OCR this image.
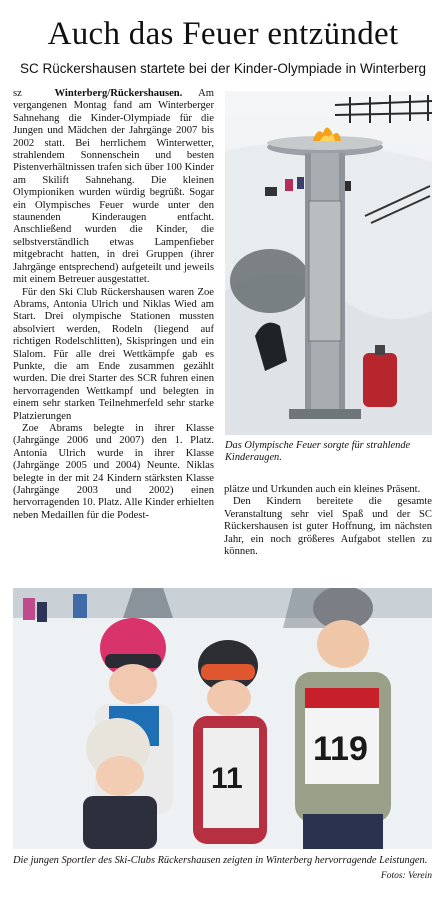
Auch das Feuer entzündet
SC Rückershausen startete bei der Kinder-Olympiade in Winterberg

sz	Winterberg/Rückershausen. Am vergangenen Montag fand am Winterberger Sahnehang die Kinder-Olympiade für die Jungen und Mädchen der Jahrgänge 2007 bis 2002 statt. Bei herrlichem Winterwetter, strahlendem Sonnenschein und besten Pistenverhältnissen trafen sich über 100 Kinder am Skilift Sahnehang. Die kleinen Olympioniken wurden würdig begrüßt. Sogar ein Olympisches Feuer wurde unter den staunenden Kinderaugen entfacht. Anschließend wurden die Kinder, die selbstverständlich etwas Lampenfieber mitgebracht hatten, in drei Gruppen (ihrer Jahrgänge entsprechend) aufgeteilt und jeweils mit einem Betreuer ausgestattet.

Für den Ski Club Rückershausen waren Zoe Abrams, Antonia Ulrich und Niklas Wied am Start. Drei olympische Stationen mussten absolviert werden, Rodeln (liegend auf richtigen Rodelschlitten), Skispringen und ein Slalom. Für alle drei Wettkämpfe gab es Punkte, die am Ende zusammen gezählt wurden. Die drei Starter des SCR fuhren einen hervorragenden Wettkampf und belegten in einem sehr starken Teilnehmerfeld sehr starke Platzierungen

Zoe Abrams belegte in ihrer Klasse (Jahrgänge 2006 und 2007) den 1. Platz. Antonia Ulrich wurde in ihrer Klasse (Jahrgänge 2005 und 2004) Neunte. Niklas belegte in der mit 24 Kindern stärksten Klasse (Jahrgänge 2003 und 2002) einen hervorragenden 10. Platz. Alle Kinder erhielten neben Medaillen für die Podest-

Das Olympische Feuer sorgte für strahlende Kinderaugen.

plätze und Urkunden auch ein kleines Präsent.

Den Kindern bereitete die gesamte Veranstaltung sehr viel Spaß und der SC Rückershausen ist guter Hoffnung, im nächsten Jahr, ein noch größeres Aufgabot stellen zu können.

11
119
Die jungen Sportler des Ski-Clubs Rückershausen zeigten in Winterberg hervorragende Leistungen.
Fotos: Verein
